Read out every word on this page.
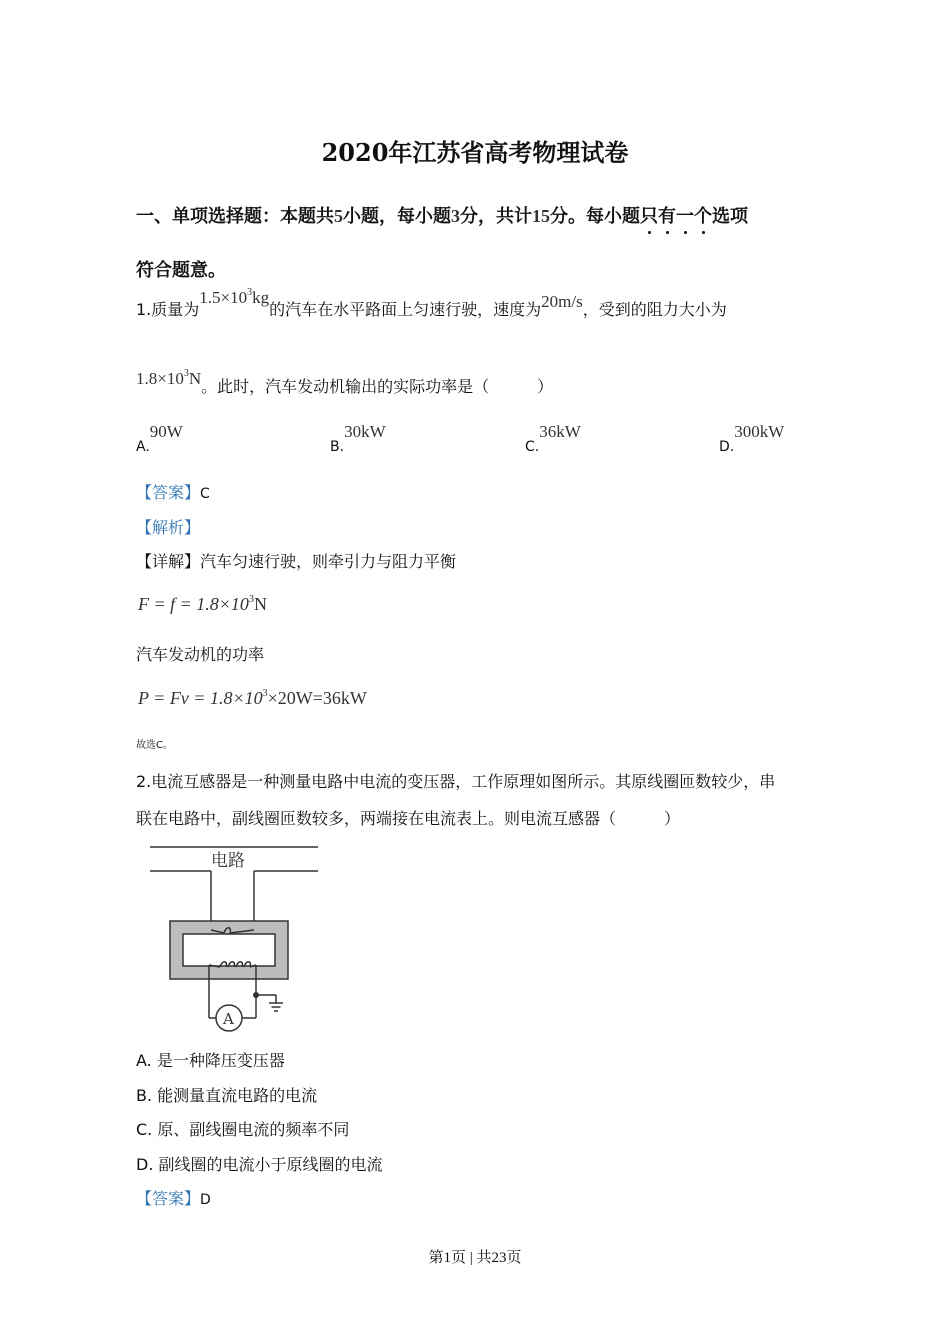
2020年江苏省高考物理试卷
一、单项选择题：本题共5小题，每小题3分，共计15分。每小题只有一个选项
符合题意。
1.质量为$1.5\times 10^3kg$的汽车在水平路面上匀速行驶，速度为20m/s，受到的阻力大小为
$1.8\times 10^3N$。此时，汽车发动机输出的实际功率是（　　　）
A.90W
B.30kW
C.36kW
D.300kW
【答案】C
【解析】
【详解】汽车匀速行驶，则牵引力与阻力平衡
$F = f = 1.8\times 10^3N$
汽车发动机的功率
$P = Fv = 1.8\times 10^3\times 20W=36kW$
故选C。
2.电流互感器是一种测量电路中电流的变压器，工作原理如图所示。其原线圈匝数较少，串
联在电路中，副线圈匝数较多，两端接在电流表上。则电流互感器（　　　）
电路
A
A. 是一种降压变压器
B. 能测量直流电路的电流
C. 原、副线圈电流的频率不同
D. 副线圈的电流小于原线圈的电流
【答案】D
第1页 | 共23页
